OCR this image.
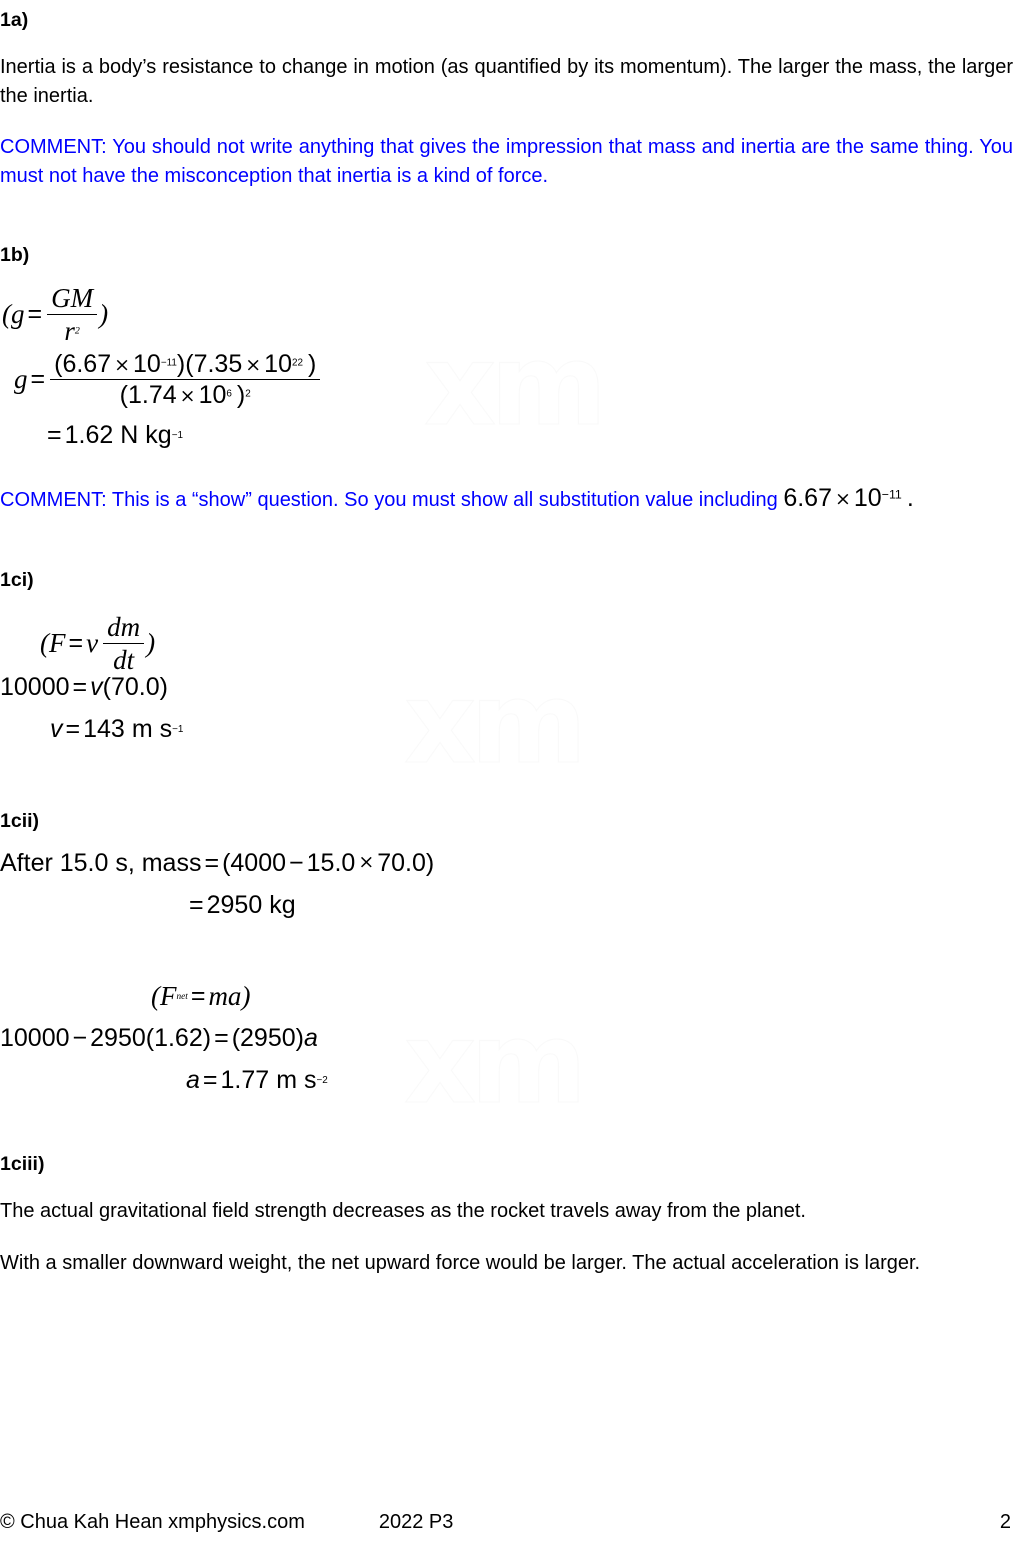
xm
xm
xm
1a)

Inertia is a body’s resistance to change in motion (as quantified by its momentum). The larger the mass, the larger the inertia.

COMMENT: You should not write anything that gives the impression that mass and inertia are the same thing. You must not have the misconception that inertia is a kind of force.

1b)
( $g = \frac{GM}{r^2}$ )
$g = \frac{(6.67 \times 10^{-11})(7.35 \times 10^{22} )}{(1.74 \times 10^6 )^2}$
= 1.62 N kg −1

COMMENT: This is a “show” question. So you must show all substitution value including $6.67 \times 10^{-11}$ .

1ci)
( F = v $\frac{dm}{dt}$ )
10000 = v (70.0)
v = 143 m s −1
1cii)
After 15.0 s, mass = (4000 − 15.0 × 70.0)
= 2950 kg
( F net = ma )
10000 − 2950(1.62) = (2950) a
a = 1.77 m s −2
1ciii)

The actual gravitational field strength decreases as the rocket travels away from the planet.

With a smaller downward weight, the net upward force would be larger. The actual acceleration is larger.

© Chua Kah Hean xmphysics.com	2022 P3	2
